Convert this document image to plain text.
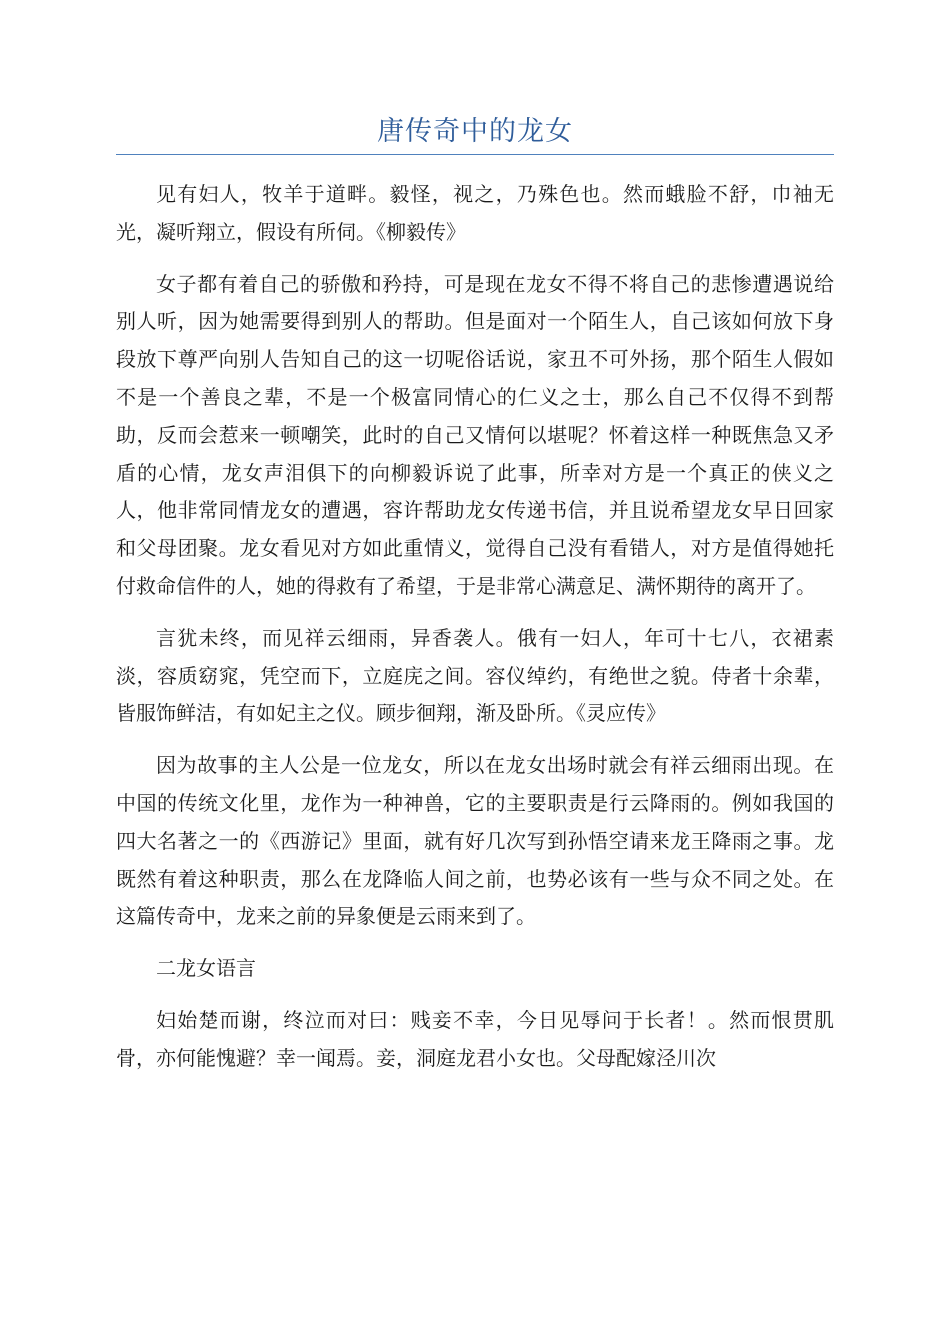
唐传奇中的龙女

见有妇人，牧羊于道畔。毅怪，视之，乃殊色也。然而蛾脸不舒，巾袖无光，凝听翔立，假设有所伺。《柳毅传》

女子都有着自己的骄傲和矜持，可是现在龙女不得不将自己的悲惨遭遇说给别人听，因为她需要得到别人的帮助。但是面对一个陌生人，自己该如何放下身段放下尊严向别人告知自己的这一切呢俗话说，家丑不可外扬，那个陌生人假如不是一个善良之辈，不是一个极富同情心的仁义之士，那么自己不仅得不到帮助，反而会惹来一顿嘲笑，此时的自己又情何以堪呢？怀着这样一种既焦急又矛盾的心情，龙女声泪俱下的向柳毅诉说了此事，所幸对方是一个真正的侠义之人，他非常同情龙女的遭遇，容许帮助龙女传递书信，并且说希望龙女早日回家和父母团聚。龙女看见对方如此重情义，觉得自己没有看错人，对方是值得她托付救命信件的人，她的得救有了希望，于是非常心满意足、满怀期待的离开了。

言犹未终，而见祥云细雨，异香袭人。俄有一妇人，年可十七八，衣裙素淡，容质窈窕，凭空而下，立庭庑之间。容仪绰约，有绝世之貌。侍者十余辈，皆服饰鲜洁，有如妃主之仪。顾步徊翔，渐及卧所。《灵应传》

因为故事的主人公是一位龙女，所以在龙女出场时就会有祥云细雨出现。在中国的传统文化里，龙作为一种神兽，它的主要职责是行云降雨的。例如我国的四大名著之一的《西游记》里面，就有好几次写到孙悟空请来龙王降雨之事。龙既然有着这种职责，那么在龙降临人间之前，也势必该有一些与众不同之处。在这篇传奇中，龙来之前的异象便是云雨来到了。

二龙女语言

妇始楚而谢，终泣而对曰：贱妾不幸，今日见辱问于长者！。然而恨贯肌骨，亦何能愧避？幸一闻焉。妾，洞庭龙君小女也。父母配嫁泾川次
